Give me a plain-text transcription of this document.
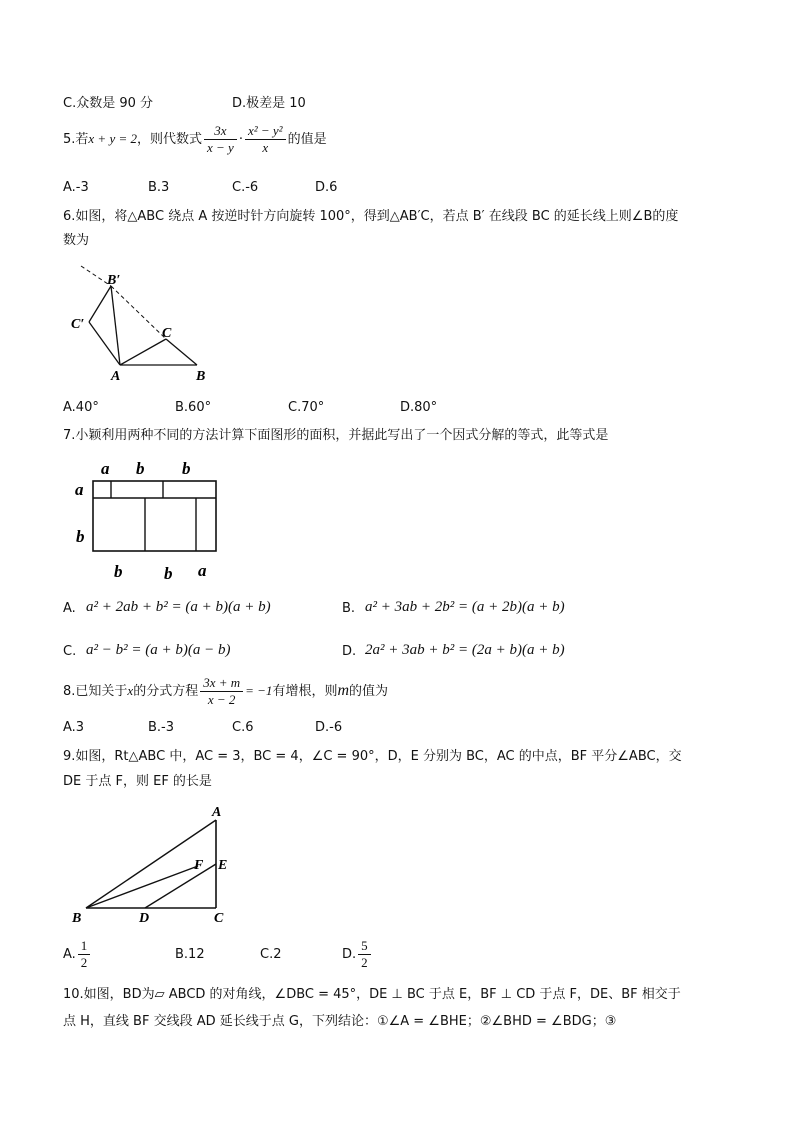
C.众数是 90 分	D.极差是 10
5.若x + y = 2，则代数式 $\frac{3x}{x - y} \cdot \frac{\text{x² − y²}}{x}$ 的值是
A.-3	B.3	C.-6	D.6
6.如图，将△ABC 绕点 A 按逆时针方向旋转 100°，得到△AB′C，若点 B′ 在线段 BC 的延长线上则∠B的度
数为
B′
C′
C
A	B
A.40°	B.60°	C.70°	D.80°
7.小颖利用两种不同的方法计算下面图形的面积，并据此写出了一个因式分解的等式，此等式是
a b b
a
b
b b a
A. a² + 2ab + b² = (a + b)(a + b)	B. a² + 3ab + 2b² = (a + 2b)(a + b)
C. a² − b² = (a + b)(a − b)	D. 2a² + 3ab + b² = (2a + b)(a + b)
8.已知关于x的分式方程 $\frac{3x + m}{x - 2} = -1$有增根，则m的值为
A.3	B.-3	C.6	D.-6
9.如图，Rt△ABC 中，AC = 3，BC = 4，∠C = 90°，D，E 分别为 BC，AC 的中点，BF 平分∠ABC，交
DE 于点 F，则 EF 的长是
A
F E
B	D	C
A. $\frac{1}{2}$	B.12	C.2	D. $\frac{5}{2}$
10.如图，BD为▱ ABCD 的对角线，∠DBC = 45°，DE ⊥ BC 于点 E，BF ⊥ CD 于点 F，DE、BF 相交于
点 H，直线 BF 交线段 AD 延长线于点 G，下列结论：①∠A = ∠BHE；②∠BHD = ∠BDG；③
